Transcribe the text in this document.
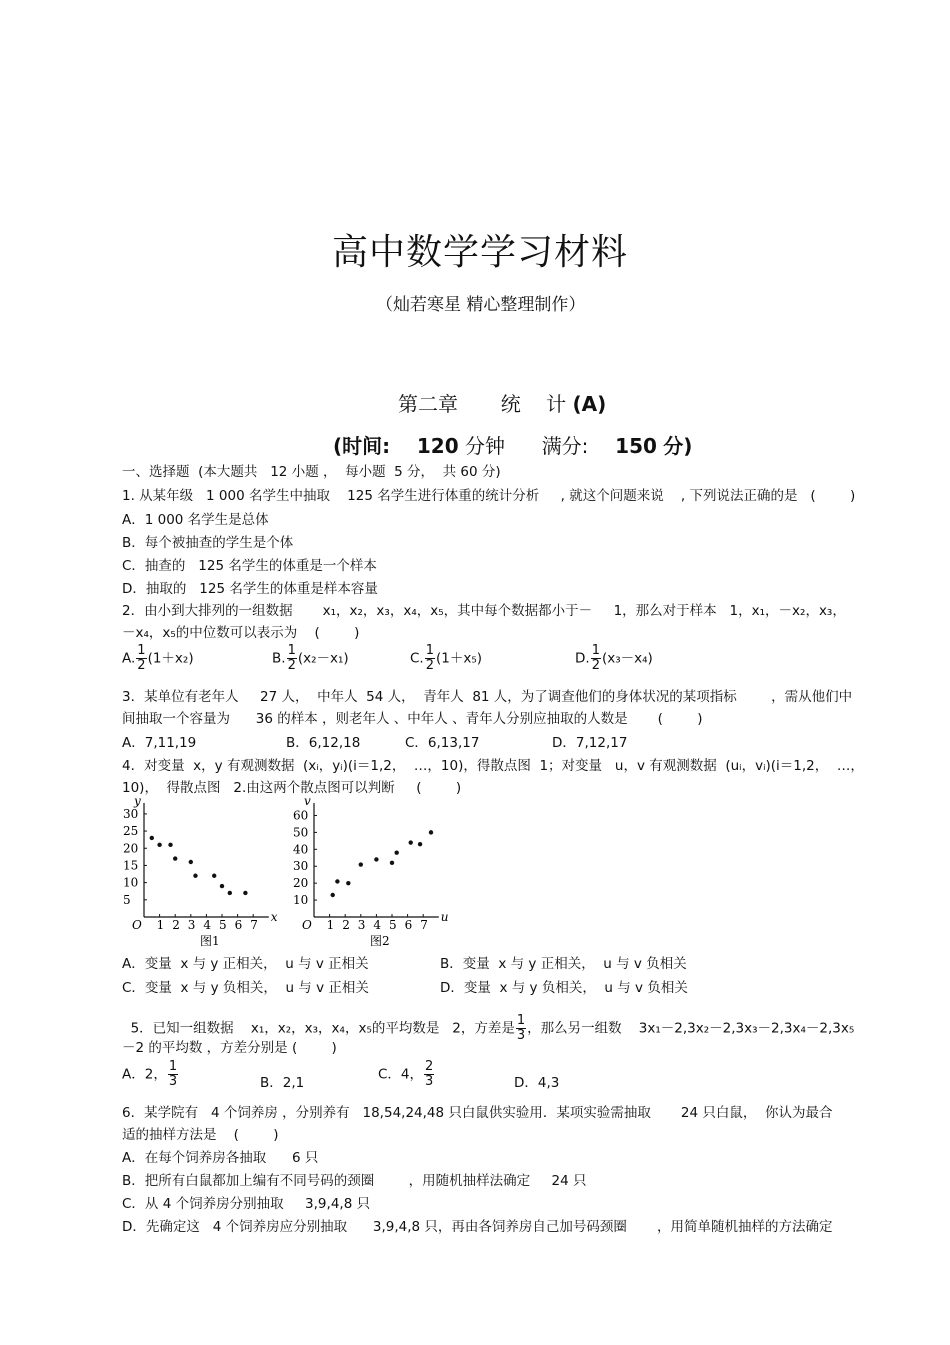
高中数学学习材料
（灿若寒星 精心整理制作）
第二章 统    计 (A)
(时间: 120 分钟 满分: 150 分)
一、选择题  (本大题共   12 小题 ，  每小题  5 分，  共 60 分)
1. 从某年级   1 000 名学生中抽取    125 名学生进行体重的统计分析     , 就这个问题来说    , 下列说法正确的是   (        )
A．1 000 名学生是总体
B．每个被抽查的学生是个体
C．抽查的   125 名学生的体重是一个样本
D．抽取的   125 名学生的体重是样本容量
2．由小到大排列的一组数据       x₁，x₂，x₃，x₄，x₅，其中每个数据都小于－     1，那么对于样本   1，x₁，－x₂，x₃，
－x₄，x₅的中位数可以表示为    (        )
A. $\frac{1}{2} (1+x_2)$	B. $\frac{1}{2} (x_2-x_1)$	C. $\frac{1}{2} (1+x_5)$	D. $\frac{1}{2} (x_3-x_4)$
3．某单位有老年人     27 人，  中年人  54 人，  青年人  81 人，为了调查他们的身体状况的某项指标        ，需从他们中
间抽取一个容量为      36 的样本 ，则老年人 、中年人 、青年人分别应抽取的人数是       (        )
A．7,11,19	B．6,12,18	C．6,13,17	D．7,12,17
4．对变量  x，y 有观测数据  (xᵢ，yᵢ)(i＝1,2，  …，10)，得散点图  1；对变量   u，v 有观测数据  (uᵢ，vᵢ)(i＝1,2，  …，
10)，  得散点图   2.由这两个散点图可以判断     (        )
x
y
O 1 2 3 4 5 6 7
5
10
15
20
25
30
图1
u
v
O 1 2 3 4 5 6 7
10
20
30
40
50
60
图2
A．变量  x 与 y 正相关，  u 与 v 正相关	B．变量  x 与 y 正相关，  u 与 v 负相关
C．变量  x 与 y 负相关，  u 与 v 正相关	D．变量  x 与 y 负相关，  u 与 v 负相关

5．已知一组数据    x₁，x₂，x₃，x₄，x₅的平均数是   2，方差是 $\frac{1}{3}$ ，那么另一组数    3x₁－2,3x₂－2,3x₃－2,3x₄－2,3x₅

－2 的平均数 ，方差分别是 (        )
A．2， $\frac{1}{3}$	B．2,1
C．4， $\frac{2}{3}$	D．4,3
6．某学院有   4 个饲养房 ，分别养有   18,54,24,48 只白鼠供实验用．某项实验需抽取       24 只白鼠，  你认为最合
适的抽样方法是    (        )
A．在每个饲养房各抽取      6 只
B．把所有白鼠都加上编有不同号码的颈圈        ，用随机抽样法确定     24 只
C．从 4 个饲养房分别抽取     3,9,4,8 只
D．先确定这   4 个饲养房应分别抽取      3,9,4,8 只，再由各饲养房自己加号码颈圈       ，用简单随机抽样的方法确定
